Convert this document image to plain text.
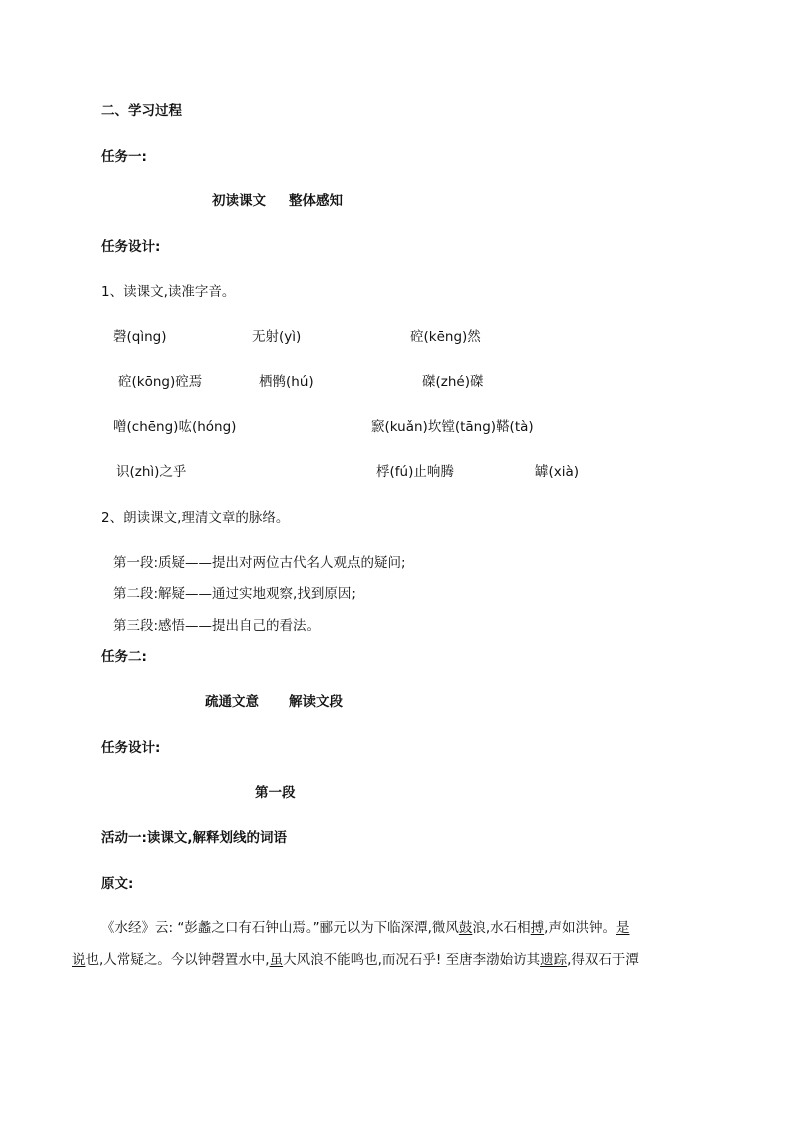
二、学习过程
任务一:
初读课文 整体感知
任务设计:
1、读课文,读准字音。
磬(qìng)	无射(yì)	硿(kēng)然
硿(kōng)硿焉	栖鹘(hú)	磔(zhé)磔
噌(chēng)吰(hóng)	窾(kuǎn)坎镗(tāng)鞳(tà)
识(zhì)之乎	桴(fú)止响腾	罅(xià)
2、朗读课文,理清文章的脉络。
第一段:质疑——提出对两位古代名人观点的疑问;
第二段:解疑——通过实地观察,找到原因;
第三段:感悟——提出自己的看法。
任务二:
疏通文意 解读文段
任务设计:
第一段
活动一:读课文,解释划线的词语
原文:
《水经》云: “彭蠡之口有石钟山焉。”郦元以为下临深潭,微风鼓浪,水石相搏,声如洪钟。是
说也,人常疑之。今以钟磬置水中,虽大风浪不能鸣也,而况石乎! 至唐李渤始访其遗踪,得双石于潭
